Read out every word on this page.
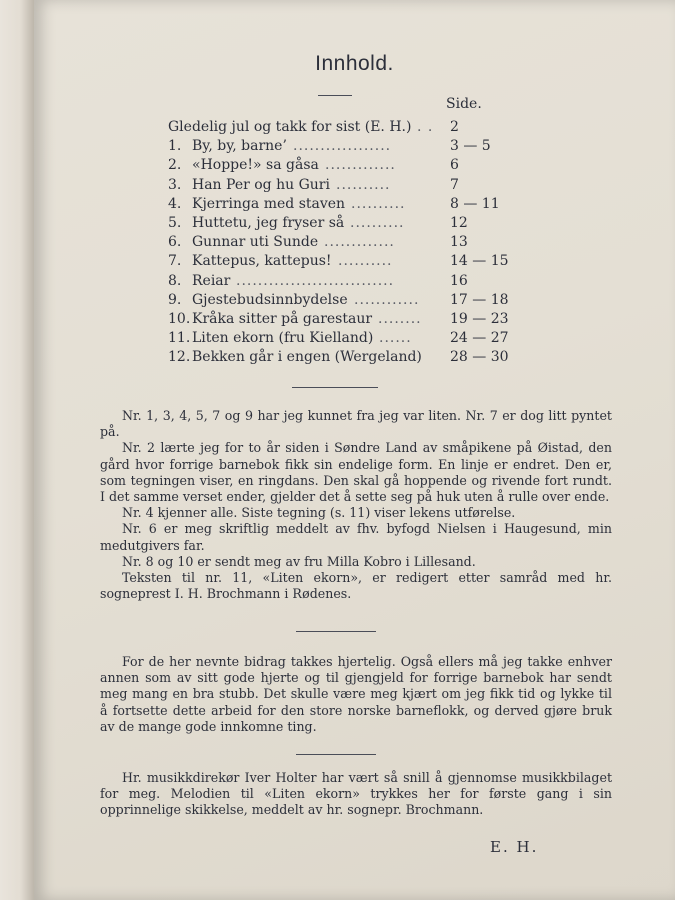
Innhold.
Side.
Gledelig jul og takk for sist (E. H.) . . 2
1. By, by, barne’ ..................	3 — 5
2. «Hoppe!» sa gåsa .............	6
3. Han Per og hu Guri ..........	7
4. Kjerringa med staven ..........	8 — 11
5. Huttetu, jeg fryser så ..........	12
6. Gunnar uti Sunde .............	13
7. Kattepus, kattepus! ..........	14 — 15
8. Reiar .............................	16
9. Gjestebudsinnbydelse ............ 17 — 18
10. Kråka sitter på garestaur ........ 19 — 23
11. Liten ekorn (fru Kielland) ......	24 — 27
12. Bekken går i engen (Wergeland) 28 — 30

Nr. 1, 3, 4, 5, 7 og 9 har jeg kunnet fra jeg var liten. Nr. 7 er dog litt pyntet på.

Nr. 2 lærte jeg for to år siden i Søndre Land av småpikene på Øistad, den gård hvor forrige barnebok fikk sin endelige form. En linje er endret. Den er, som tegningen viser, en ringdans. Den skal gå hoppende og rivende fort rundt. I det samme verset ender, gjelder det å sette seg på huk uten å rulle over ende.

Nr. 4 kjenner alle. Siste tegning (s. 11) viser lekens utførelse.

Nr. 6 er meg skriftlig meddelt av fhv. byfogd Nielsen i Haugesund, min medutgivers far.

Nr. 8 og 10 er sendt meg av fru Milla Kobro i Lillesand.

Teksten til nr. 11, «Liten ekorn», er redigert etter samråd med hr. sogneprest I. H. Brochmann i Rødenes.

For de her nevnte bidrag takkes hjertelig. Også ellers må jeg takke enhver annen som av sitt gode hjerte og til gjengjeld for forrige barnebok har sendt meg mang en bra stubb. Det skulle være meg kjært om jeg fikk tid og lykke til å fortsette dette arbeid for den store norske barneflokk, og derved gjøre bruk av de mange gode innkomne ting.

Hr. musikkdirekør Iver Holter har vært så snill å gjennomse musikkbilaget for meg. Melodien til «Liten ekorn» trykkes her for første gang i sin opprinnelige skikkelse, meddelt av hr. sognepr. Brochmann.

E. H.
